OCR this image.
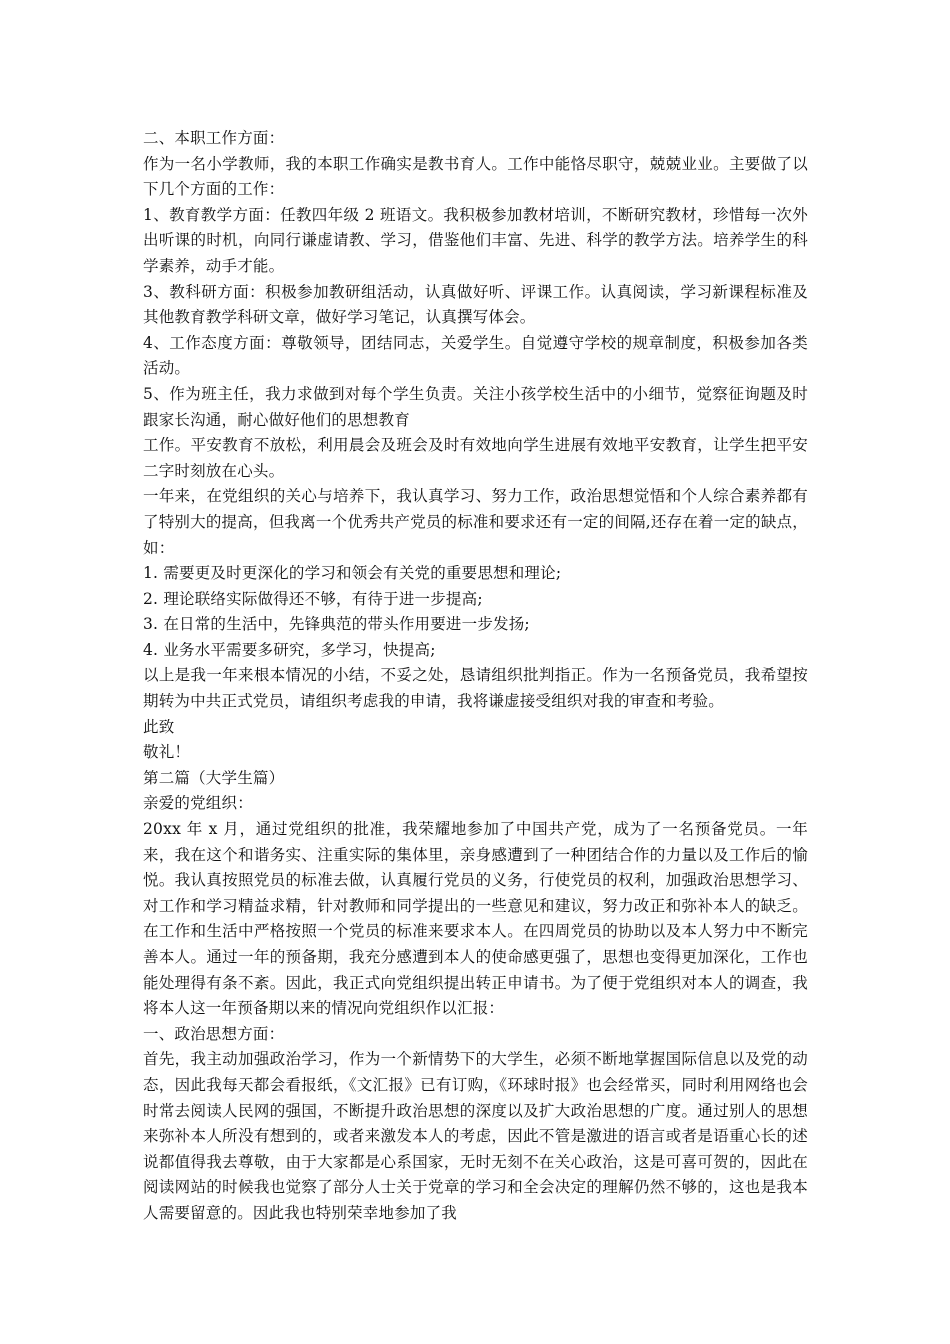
二、本职工作方面：

作为一名小学教师，我的本职工作确实是教书育人。工作中能恪尽职守，兢兢业业。主要做了以下几个方面的工作：

1、教育教学方面：任教四年级 2 班语文。我积极参加教材培训，不断研究教材，珍惜每一次外出听课的时机，向同行谦虚请教、学习，借鉴他们丰富、先进、科学的教学方法。培养学生的科学素养，动手才能。

3、教科研方面：积极参加教研组活动，认真做好听、评课工作。认真阅读，学习新课程标准及其他教育教学科研文章，做好学习笔记，认真撰写体会。

4、工作态度方面：尊敬领导，团结同志，关爱学生。自觉遵守学校的规章制度，积极参加各类活动。

5、作为班主任，我力求做到对每个学生负责。关注小孩学校生活中的小细节，觉察征询题及时跟家长沟通，耐心做好他们的思想教育

工作。平安教育不放松，利用晨会及班会及时有效地向学生进展有效地平安教育，让学生把平安二字时刻放在心头。

一年来，在党组织的关心与培养下，我认真学习、努力工作，政治思想觉悟和个人综合素养都有了特别大的提高，但我离一个优秀共产党员的标准和要求还有一定的间隔,还存在着一定的缺点，如：

1. 需要更及时更深化的学习和领会有关党的重要思想和理论;

2. 理论联络实际做得还不够，有待于进一步提高;

3. 在日常的生活中，先锋典范的带头作用要进一步发扬;

4. 业务水平需要多研究，多学习，快提高;

以上是我一年来根本情况的小结，不妥之处，恳请组织批判指正。作为一名预备党员，我希望按期转为中共正式党员，请组织考虑我的申请，我将谦虚接受组织对我的审查和考验。

此致

敬礼！

第二篇（大学生篇）

亲爱的党组织：

20xx 年 x 月，通过党组织的批准，我荣耀地参加了中国共产党，成为了一名预备党员。一年来，我在这个和谐务实、注重实际的集体里，亲身感遭到了一种团结合作的力量以及工作后的愉悦。我认真按照党员的标准去做，认真履行党员的义务，行使党员的权利，加强政治思想学习、对工作和学习精益求精，针对教师和同学提出的一些意见和建议，努力改正和弥补本人的缺乏。在工作和生活中严格按照一个党员的标准来要求本人。在四周党员的协助以及本人努力中不断完善本人。通过一年的预备期，我充分感遭到本人的使命感更强了，思想也变得更加深化，工作也能处理得有条不紊。因此，我正式向党组织提出转正申请书。为了便于党组织对本人的调查，我将本人这一年预备期以来的情况向党组织作以汇报：

一、政治思想方面：

首先，我主动加强政治学习，作为一个新情势下的大学生，必须不断地掌握国际信息以及党的动态，因此我每天都会看报纸，《文汇报》已有订购，《环球时报》也会经常买，同时利用网络也会时常去阅读人民网的强国，不断提升政治思想的深度以及扩大政治思想的广度。通过别人的思想来弥补本人所没有想到的，或者来激发本人的考虑，因此不管是激进的语言或者是语重心长的述说都值得我去尊敬，由于大家都是心系国家，无时无刻不在关心政治，这是可喜可贺的，因此在阅读网站的时候我也觉察了部分人士关于党章的学习和全会决定的理解仍然不够的，这也是我本人需要留意的。因此我也特别荣幸地参加了我
